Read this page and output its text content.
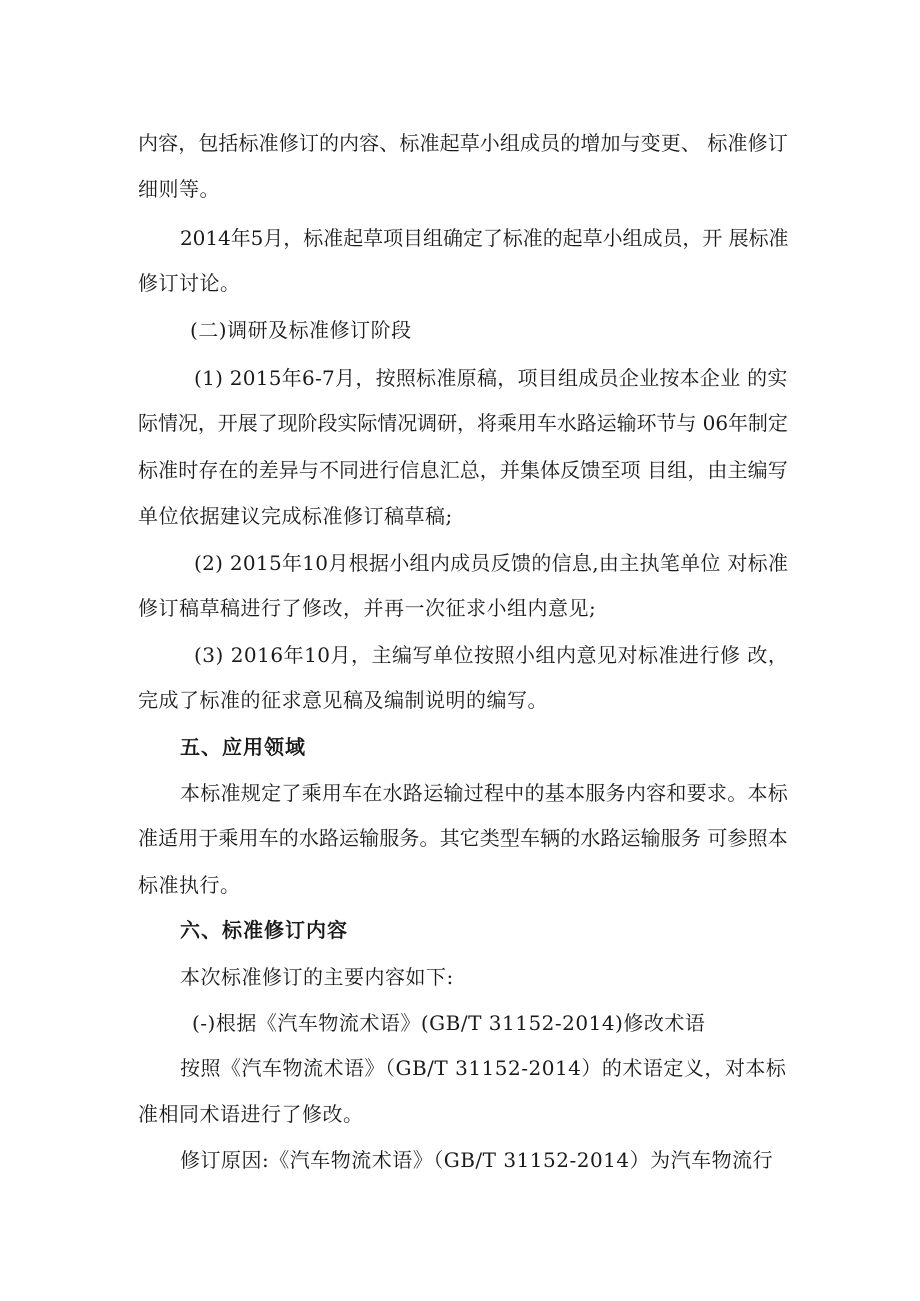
内容，包括标准修订的内容、标准起草小组成员的增加与变更、 标准修订
细则等。
2014年5月，标准起草项目组确定了标准的起草小组成员，开 展标准
修订讨论。
(二)调研及标准修订阶段
(1) 2015年6-7月，按照标准原稿，项目组成员企业按本企业 的实
际情况，开展了现阶段实际情况调研，将乘用车水路运输环节与 06年制定
标准时存在的差异与不同进行信息汇总，并集体反馈至项 目组，由主编写
单位依据建议完成标准修订稿草稿;
(2) 2015年10月根据小组内成员反馈的信息,由主执笔单位 对标准
修订稿草稿进行了修改，并再一次征求小组内意见;
(3) 2016年10月，主编写单位按照小组内意见对标准进行修 改，
完成了标准的征求意见稿及编制说明的编写。
五、应用领域
本标准规定了乘用车在水路运输过程中的基本服务内容和要求。本标
准适用于乘用车的水路运输服务。其它类型车辆的水路运输服务 可参照本
标准执行。
六、标准修订内容
本次标准修订的主要内容如下:
(-)根据《汽车物流术语》(GB/T 31152-2014)修改术语
按照《汽车物流术语》（GB/T 31152-2014）的术语定义，对本标
准相同术语进行了修改。
修订原因:《汽车物流术语》（GB/T 31152-2014）为汽车物流行
